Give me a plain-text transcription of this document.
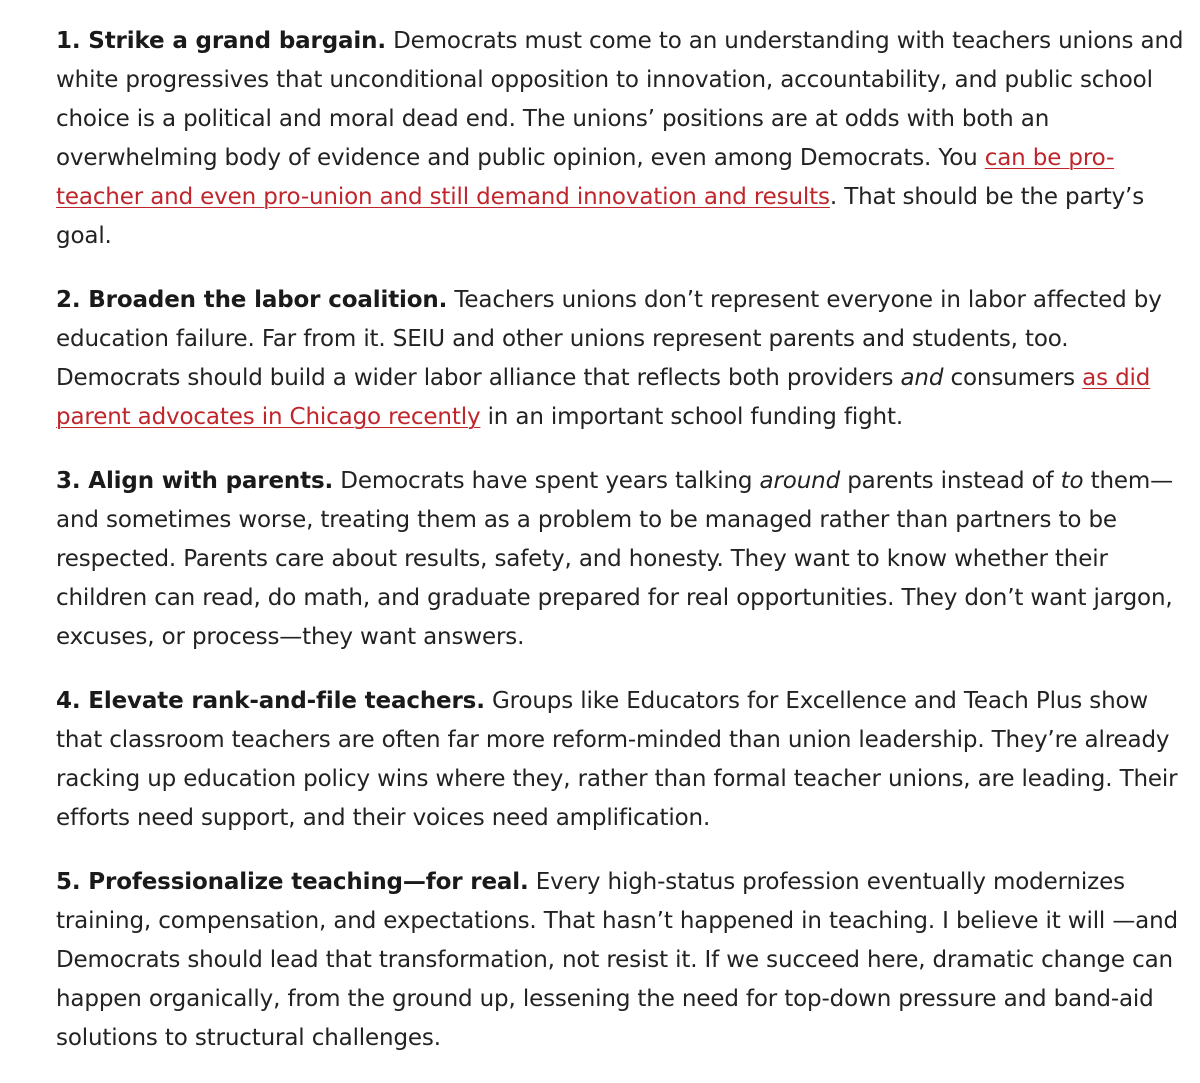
1. Strike a grand bargain. Democrats must come to an understanding with teachers unions and white progressives that unconditional opposition to innovation, accountability, and public school choice is a political and moral dead end. The unions’ positions are at odds with both an overwhelming body of evidence and public opinion, even among Democrats. You can be pro-teacher and even pro-union and still demand innovation and results. That should be the party’s goal.

2. Broaden the labor coalition. Teachers unions don’t represent everyone in labor affected by education failure. Far from it. SEIU and other unions represent parents and students, too. Democrats should build a wider labor alliance that reflects both providers and consumers as did parent advocates in Chicago recently in an important school funding fight.

3. Align with parents. Democrats have spent years talking around parents instead of to them—and sometimes worse, treating them as a problem to be managed rather than partners to be respected. Parents care about results, safety, and honesty. They want to know whether their children can read, do math, and graduate prepared for real opportunities. They don’t want jargon, excuses, or process—they want answers.

4. Elevate rank-and-file teachers. Groups like Educators for Excellence and Teach Plus show that classroom teachers are often far more reform-minded than union leadership. They’re already racking up education policy wins where they, rather than formal teacher unions, are leading. Their efforts need support, and their voices need amplification.

5. Professionalize teaching—for real. Every high-status profession eventually modernizes training, compensation, and expectations. That hasn’t happened in teaching. I believe it will —and Democrats should lead that transformation, not resist it. If we succeed here, dramatic change can happen organically, from the ground up, lessening the need for top-down pressure and band-aid solutions to structural challenges.
